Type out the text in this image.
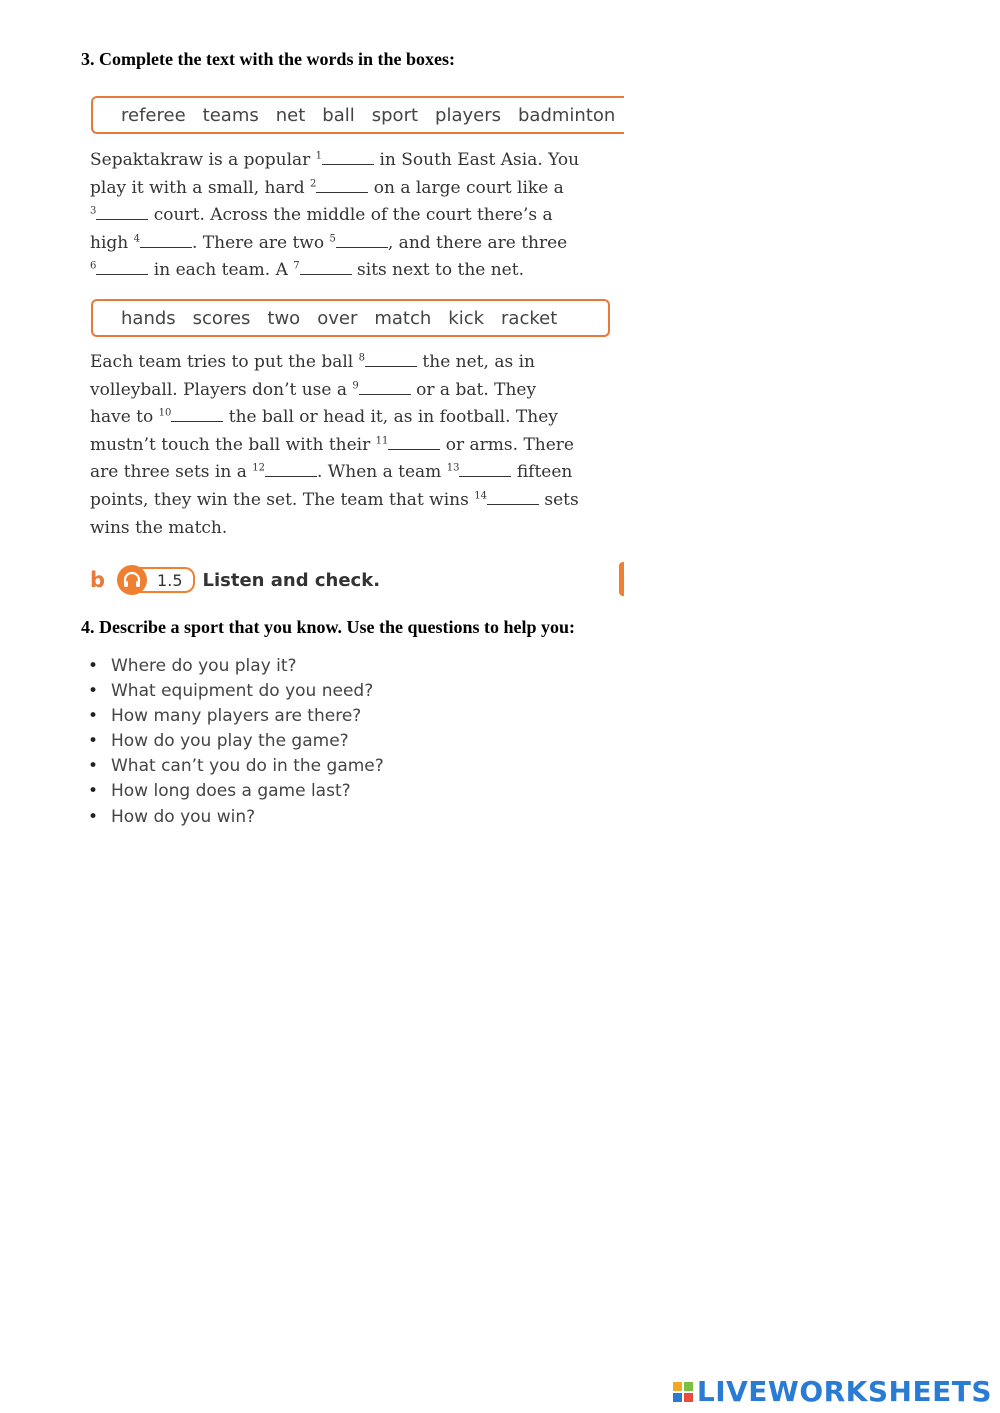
3. Complete the text with the words in the boxes:
referee teams net ball sport players badminton

Sepaktakraw is a popular $^1$	in South East Asia. You

play it with a small, hard $^2$	on a large court like a

$^3$	court. Across the middle of the court there’s a

high $^4$	. There are two $^5$	, and there are three

$^6$	in each team. A $^7$	sits next to the net.

hands scores two over match kick racket

Each team tries to put the ball $^8$	the net, as in

volleyball. Players don’t use a $^9$	or a bat. They

have to $^{10}$	the ball or head it, as in football. They

mustn’t touch the ball with their $^{11}$	or arms. There

are three sets in a $^{12}$	. When a team $^{13}$	fifteen

points, they win the set. The team that wins $^{14}$	sets

wins the match.

b	1.5	Listen and check.
4. Describe a sport that you know. Use the questions to help you:
• Where do you play it?
• What equipment do you need?
• How many players are there?
• How do you play the game?
• What can’t you do in the game?
• How long does a game last?
• How do you win?
LIVEWORKSHEETS
